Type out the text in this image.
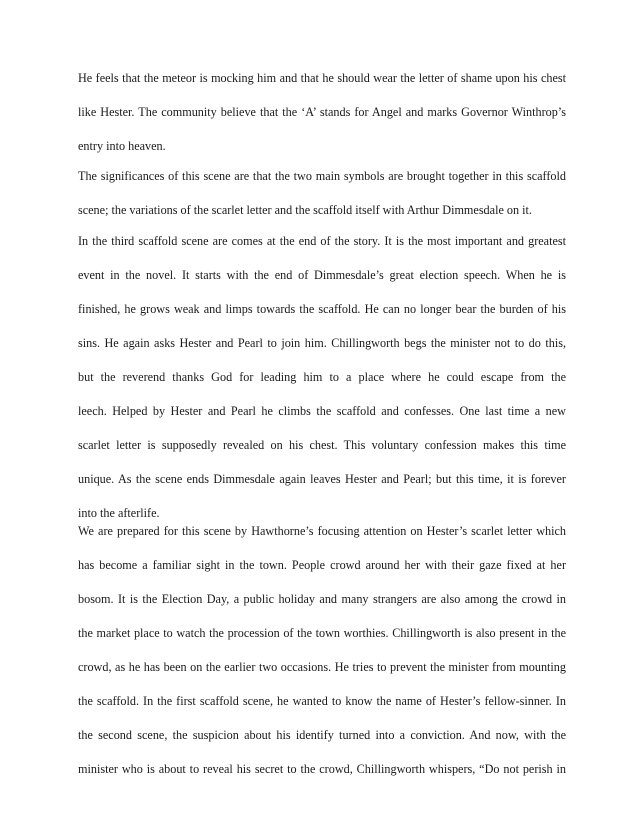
He feels that the meteor is mocking him and that he should wear the letter of shame upon his chest
like Hester. The community believe that the ‘A’ stands for Angel and marks Governor Winthrop’s
entry into heaven.
The significances of this scene are that the two main symbols are brought together in this scaffold
scene; the variations of the scarlet letter and the scaffold itself with Arthur Dimmesdale on it.
In the third scaffold scene are comes at the end of the story. It is the most important and greatest
event in the novel. It starts with the end of Dimmesdale’s great election speech. When he is
finished, he grows weak and limps towards the scaffold. He can no longer bear the burden of his
sins. He again asks Hester and Pearl to join him. Chillingworth begs the minister not to do this,
but the reverend thanks God for leading him to a place where he could escape from the
leech. Helped by Hester and Pearl he climbs the scaffold and confesses. One last time a new
scarlet letter is supposedly revealed on his chest. This voluntary confession makes this time
unique. As the scene ends Dimmesdale again leaves Hester and Pearl; but this time, it is forever
into the afterlife.
We are prepared for this scene by Hawthorne’s focusing attention on Hester’s scarlet letter which
has become a familiar sight in the town. People crowd around her with their gaze fixed at her
bosom. It is the Election Day, a public holiday and many strangers are also among the crowd in
the market place to watch the procession of the town worthies. Chillingworth is also present in the
crowd, as he has been on the earlier two occasions. He tries to prevent the minister from mounting
the scaffold. In the first scaffold scene, he wanted to know the name of Hester’s fellow-sinner. In
the second scene, the suspicion about his identify turned into a conviction. And now, with the
minister who is about to reveal his secret to the crowd, Chillingworth whispers, “Do not perish in
